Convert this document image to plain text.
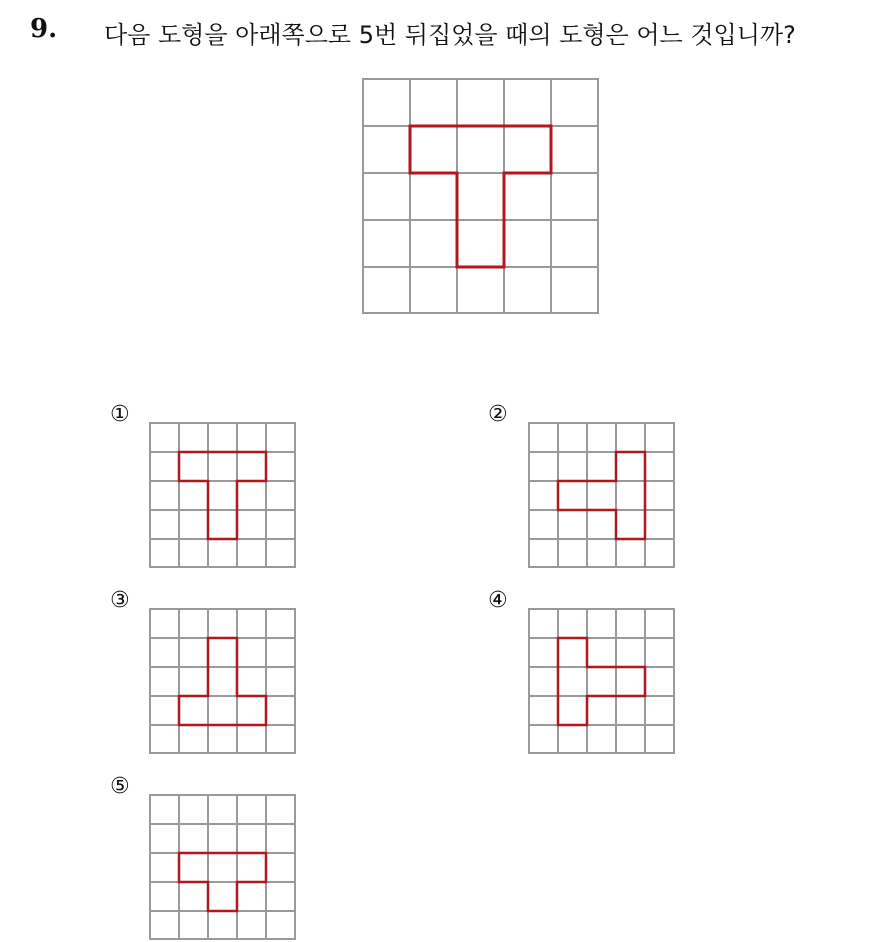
9. 다음 도형을 아래쪽으로 5번 뒤집었을 때의 도형은 어느 것입니까?
①	②
③	④
⑤
